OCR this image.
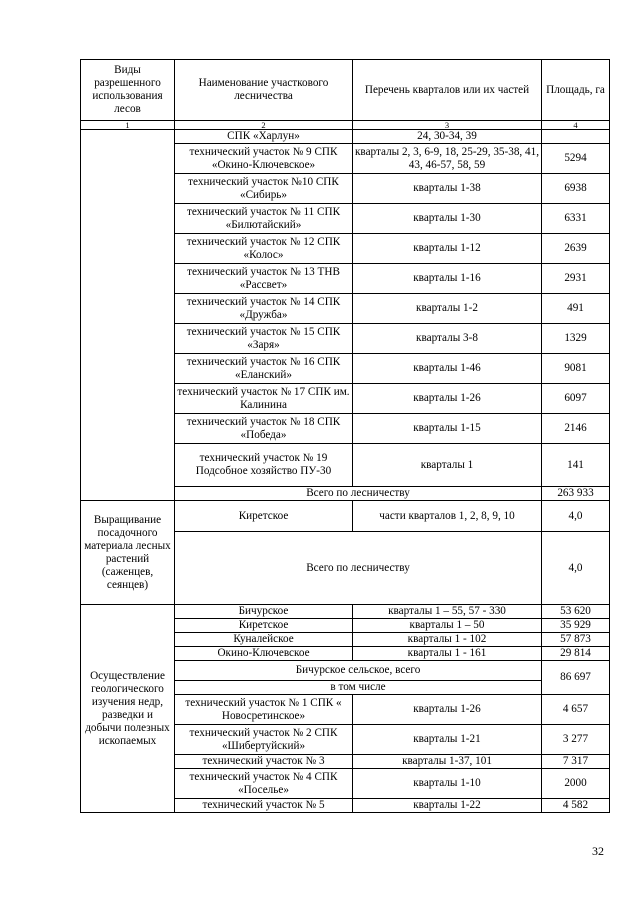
Виды разрешенного использования лесов	Наименование участкового лесничества	Перечень кварталов или их частей	Площадь, га
1	2	3	4
	СПК «Харлун»	24, 30-34, 39	
	технический участок № 9 СПК «Окино-Ключевское»	кварталы 2, 3, 6-9, 18, 25-29, 35-38, 41, 43, 46-57, 58, 59	5294
	технический участок №10 СПК «Сибирь»	кварталы 1-38	6938
	технический участок № 11 СПК «Билютайский»	кварталы 1-30	6331
	технический участок № 12 СПК «Колос»	кварталы 1-12	2639
	технический участок № 13 ТНВ «Рассвет»	кварталы 1-16	2931
	технический участок № 14 СПК «Дружба»	кварталы 1-2	491
	технический участок № 15 СПК «Заря»	кварталы 3-8	1329
	технический участок № 16 СПК «Еланский»	кварталы 1-46	9081
	технический участок № 17 СПК им. Калинина	кварталы 1-26	6097
	технический участок № 18 СПК «Победа»	кварталы 1-15	2146
	технический участок № 19 Подсобное хозяйство ПУ-30	кварталы 1	141
	Всего по лесничеству		263 933
Выращивание посадочного материала лесных растений (саженцев, сеянцев)	Киретское	части кварталов 1, 2, 8, 9, 10	4,0
	Всего по лесничеству		4,0
Осуществление геологического изучения недр, разведки и добычи полезных ископаемых	Бичурское	кварталы 1 – 55, 57 - 330	53 620
	Киретское	кварталы 1 – 50	35 929
	Куналейское	кварталы 1 - 102	57 873
	Окино-Ключевское	кварталы 1 - 161	29 814
	Бичурское сельское, всего		86 697
	в том числе		
	технический участок № 1 СПК « Новосретинское»	кварталы 1-26	4 657
	технический участок № 2 СПК «Шибертуйский»	кварталы 1-21	3 277
	технический участок № 3	кварталы 1-37, 101	7 317
	технический участок № 4 СПК «Поселье»	кварталы 1-10	2000
	технический участок № 5	кварталы 1-22	4 582
32
